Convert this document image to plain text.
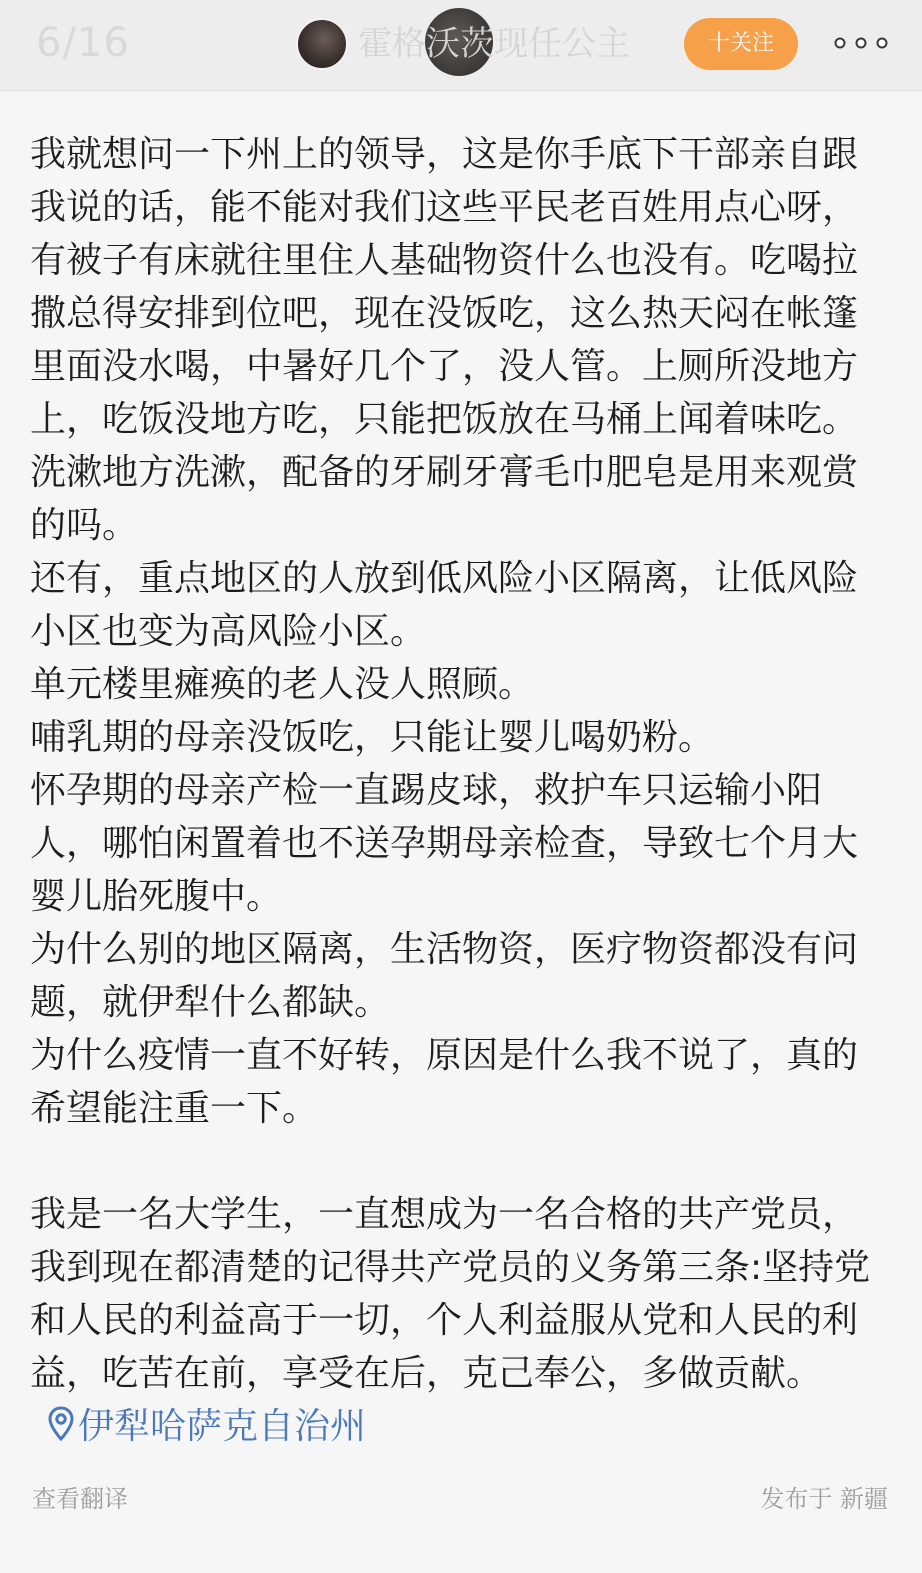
6/16	霍格沃茨现任公主	十关注

我就想问一下州上的领导，这是你手底下干部亲自跟我说的话，能不能对我们这些平民老百姓用点心呀，有被子有床就往里住人基础物资什么也没有。吃喝拉撒总得安排到位吧，现在没饭吃，这么热天闷在帐篷里面没水喝，中暑好几个了，没人管。上厕所没地方上，吃饭没地方吃，只能把饭放在马桶上闻着味吃。洗漱地方洗漱，配备的牙刷牙膏毛巾肥皂是用来观赏的吗。

还有，重点地区的人放到低风险小区隔离，让低风险小区也变为高风险小区。

单元楼里瘫痪的老人没人照顾。

哺乳期的母亲没饭吃，只能让婴儿喝奶粉。

怀孕期的母亲产检一直踢皮球，救护车只运输小阳人，哪怕闲置着也不送孕期母亲检查，导致七个月大婴儿胎死腹中。

为什么别的地区隔离，生活物资，医疗物资都没有问题，就伊犁什么都缺。

为什么疫情一直不好转，原因是什么我不说了，真的希望能注重一下。

我是一名大学生，一直想成为一名合格的共产党员，我到现在都清楚的记得共产党员的义务第三条:坚持党和人民的利益高于一切，个人利益服从党和人民的利益，吃苦在前，享受在后，克己奉公，多做贡献。伊犁哈萨克自治州

查看翻译	发布于 新疆
